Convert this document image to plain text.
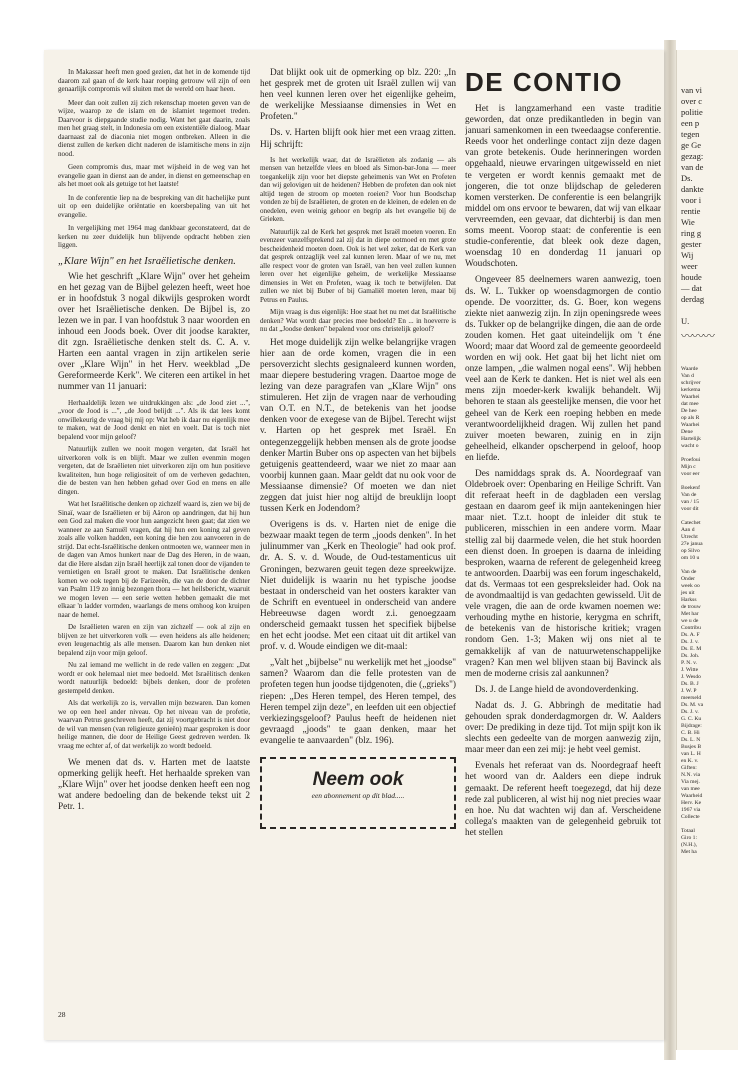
In Makassar heeft men goed gezien, dat het in de komende tijd daarom zal gaan of de kerk haar roeping getrouw wil zijn of een genaarlijk compromis wil sluiten met de wereld om haar heen.

Meer dan ooit zullen zij zich rekenschap moeten geven van de wijze, waarop ze de islam en de islamiet tegemoet treden. Daarvoor is diepgaande studie nodig. Want het gaat daarin, zoals men het graag stelt, in Indonesia om een existentiële dialoog. Maar daarnaast zal de diaconia niet mogen ontbreken. Alleen in die dienst zullen de kerken dicht naderen de islamitische mens in zijn nood.

Geen compromis dus, maar met wijsheid in de weg van het evangelie gaan in dienst aan de ander, in dienst en gemeenschap en als het moet ook als getuige tot het laatste!

In de conferentie liep na de bespreking van dit hachelijke punt uit op een duidelijke oriëntatie en koersbepaling van uit het evangelie.

In vergelijking met 1964 mag dankbaar geconstateerd, dat de kerken nu zeer duidelijk hun blijvende opdracht hebben zien liggen.

„Klare Wijn" en het Israëlietische denken.

Wie het geschrift „Klare Wijn" over het geheim en het gezag van de Bijbel gelezen heeft, weet hoe er in hoofdstuk 3 nogal dikwijls gesproken wordt over het Israëlietische denken. De Bijbel is, zo lezen we in par. I van hoofdstuk 3 naar woorden en inhoud een Joods boek. Over dit joodse karakter, dit zgn. Israëlietische denken stelt ds. C. A. v. Harten een aantal vragen in zijn artikelen serie over „Klare Wijn" in het Herv. weekblad „De Gereformeerde Kerk". We citeren een artikel in het nummer van 11 januari:

Herhaaldelijk lezen we uitdrukkingen als: „de Jood ziet ...", „voor de Jood is ...", „de Jood belijdt ...". Als ik dat lees komt onwillekeurig de vraag bij mij op: Wat heb ik daar nu eigenlijk mee te maken, wat de Jood denkt en niet en voelt. Dat is toch niet bepalend voor mijn geloof?

Natuurlijk zullen we nooit mogen vergeten, dat Israël het uitverkoren volk is en blijft. Maar we zullen evenmin mogen vergeten, dat de Israëlieten niet uitverkoren zijn om hun positieve kwaliteiten, hun hoge religiositeit of om de verheven gedachten, die de besten van hen hebben gehad over God en mens en alle dingen.

Wat het Israëlitische denken op zichzelf waard is, zien we bij de Sinaï, waar de Israëlieten er bij Aäron op aandringen, dat hij hun een God zal maken die voor hun aangezicht heen gaat; dat zien we wanneer ze aan Samuël vragen, dat hij hun een koning zal geven zoals alle volken hadden, een koning die hen zou aanvoeren in de strijd. Dat echt-Israëlitische denken ontmoeten we, wanneer men in de dagen van Amos hunkert naar de Dag des Heren, in de waan, dat die Here alsdan zijn Israël heerlijk zal tonen door de vijanden te vernietigen en Israël groot te maken. Dat Israëlitische denken komen we ook tegen bij de Farizeeën, die van de door de dichter van Psalm 119 zo innig bezongen thora — het heilsbericht, waaruit we mogen leven — een serie wetten hebben gemaakt die met elkaar 'n ladder vormden, waarlangs de mens omhoog kon kruipen naar de hemel.

De Israëlieten waren en zijn van zichzelf — ook al zijn en blijven ze het uitverkoren volk — even heidens als alle heidenen; even leugenachtig als alle mensen. Daarom kan hun denken niet bepalend zijn voor mijn geloof.

Nu zal iemand me wellicht in de rede vallen en zeggen: „Dat wordt er ook helemaal niet mee bedoeld. Met Israëlitisch denken wordt natuurlijk bedoeld: bijbels denken, door de profeten gestempeld denken.

Als dat werkelijk zo is, vervallen mijn bezwaren. Dan komen we op een heel ander niveau. Op het niveau van de profetie, waarvan Petrus geschreven heeft, dat zij voortgebracht is niet door de wil van mensen (van religieuze genieën) maar gesproken is door heilige mannen, die door de Heilige Geest gedreven werden. Ik vraag me echter af, of dat werkelijk zo wordt bedoeld.

We menen dat ds. v. Harten met de laatste opmerking gelijk heeft. Het herhaalde spreken van „Klare Wijn" over het joodse denken heeft een nog wat andere bedoeling dan de bekende tekst uit 2 Petr. 1.

Dat blijkt ook uit de opmerking op blz. 220: „In het gesprek met de groten uit Israël zullen wij van hen veel kunnen leren over het eigenlijke geheim, de werkelijke Messiaanse dimensies in Wet en Profeten."

Ds. v. Harten blijft ook hier met een vraag zitten. Hij schrijft:

Is het werkelijk waar, dat de Israëlieten als zodanig — als mensen van hetzelfde vlees en bloed als Simon-bar-Jona — meer toegankelijk zijn voor het diepste geheimenis van Wet en Profeten dan wij gelovigen uit de heidenen? Hebben de profeten dan ook niet altijd tegen de stroom op moeten roeien? Voor hun Boodschap vonden ze bij de Israëlieten, de groten en de kleinen, de edelen en de onedelen, even weinig gehoor en begrip als het evangelie bij de Grieken.

Natuurlijk zal de Kerk het gesprek met Israël moeten voeren. En evenzeer vanzelfsprekend zal zij dat in diepe ootmoed en met grote bescheidenheid moeten doen. Ook is het wel zeker, dat de Kerk van dat gesprek ontzaglijk veel zal kunnen leren. Maar of we nu, met alle respect voor de groten van Israël, van hen veel zullen kunnen leren over het eigenlijke geheim, de werkelijke Messiaanse dimensies in Wet en Profeten, waag ik toch te betwijfelen. Dat zullen we niet bij Buber of bij Gamaliël moeten leren, maar bij Petrus en Paulus.

Mijn vraag is dus eigenlijk: Hoe staat het nu met dat Israëlitische denken? Wat wordt daar precies mee bedoeld? En ... in hoeverre is nu dat „Joodse denken" bepalend voor ons christelijk geloof?

Het moge duidelijk zijn welke belangrijke vragen hier aan de orde komen, vragen die in een persoverzicht slechts gesignaleerd kunnen worden, maar diepere bestudering vragen. Daartoe moge de lezing van deze paragrafen van „Klare Wijn" ons stimuleren. Het zijn de vragen naar de verhouding van O.T. en N.T., de betekenis van het joodse denken voor de exegese van de Bijbel. Terecht wijst v. Harten op het gesprek met Israël. En ontegenzeggelijk hebben mensen als de grote joodse denker Martin Buber ons op aspecten van het bijbels getuigenis geattendeerd, waar we niet zo maar aan voorbij kunnen gaan. Maar geldt dat nu ook voor de Messiaanse dimensie? Of moeten we dan niet zeggen dat juist hier nog altijd de breuklijn loopt tussen Kerk en Jodendom?

Overigens is ds. v. Harten niet de enige die bezwaar maakt tegen de term „joods denken". In het julinummer van „Kerk en Theologie" had ook prof. dr. A. S. v. d. Woude, de Oud-testamenticus uit Groningen, bezwaren geuit tegen deze spreekwijze. Niet duidelijk is waarin nu het typische joodse bestaat in onderscheid van het oosters karakter van de Schrift en eventueel in onderscheid van andere Hebreeuwse dagen wordt z.i. genoegzaam onderscheid gemaakt tussen het specifiek bijbelse en het echt joodse. Met een citaat uit dit artikel van prof. v. d. Woude eindigen we dit-maal:

„Valt het „bijbelse" nu werkelijk met het „joodse" samen? Waarom dan die felle protesten van de profeten tegen hun joodse tijdgenoten, die („grieks") riepen: „Des Heren tempel, des Heren tempel, des Heren tempel zijn deze", en leefden uit een objectief verkiezingsgeloof? Paulus heeft de heidenen niet gevraagd „joods" te gaan denken, maar het evangelie te aanvaarden" (blz. 196).

Neem ook
een abonnement op dit blad.....
DE CONTIO

Het is langzamerhand een vaste traditie geworden, dat onze predikantleden in begin van januari samenkomen in een tweedaagse conferentie. Reeds voor het onderlinge contact zijn deze dagen van grote betekenis. Oude herinneringen worden opgehaald, nieuwe ervaringen uitgewisseld en niet te vergeten er wordt kennis gemaakt met de jongeren, die tot onze blijdschap de gelederen komen versterken. De conferentie is een belangrijk middel om ons ervoor te bewaren, dat wij van elkaar vervreemden, een gevaar, dat dichterbij is dan men soms meent. Voorop staat: de conferentie is een studie-conferentie, dat bleek ook deze dagen, woensdag 10 en donderdag 11 januari op Woudschoten.

Ongeveer 85 deelnemers waren aanwezig, toen ds. W. L. Tukker op woensdagmorgen de contio opende. De voorzitter, ds. G. Boer, kon wegens ziekte niet aanwezig zijn. In zijn openingsrede wees ds. Tukker op de belangrijke dingen, die aan de orde zouden komen. Het gaat uiteindelijk om 't éne Woord; maar dat Woord zal de gemeente geoordeeld worden en wij ook. Het gaat bij het licht niet om onze lampen, „die walmen nogal eens". Wij hebben veel aan de Kerk te danken. Het is niet wel als een mens zijn moeder-kerk kwalijk behandelt. Wij behoren te staan als geestelijke mensen, die voor het geheel van de Kerk een roeping hebben en mede verantwoordelijkheid dragen. Wij zullen het pand zuiver moeten bewaren, zuinig en in zijn geheelheid, elkander opscherpend in geloof, hoop en liefde.

Des namiddags sprak ds. A. Noordegraaf van Oldebroek over: Openbaring en Heilige Schrift. Van dit referaat heeft in de dagbladen een verslag gestaan en daarom geef ik mijn aantekeningen hier maar niet. T.z.t. hoopt de inleider dit stuk te publiceren, misschien in een andere vorm. Maar stellig zal bij daarmede velen, die het stuk hoorden een dienst doen. In groepen is daarna de inleiding besproken, waarna de referent de gelegenheid kreeg te antwoorden. Daarbij was een forum ingeschakeld, dat ds. Vermaas tot een gespreksleider had. Ook na de avondmaaltijd is van gedachten gewisseld. Uit de vele vragen, die aan de orde kwamen noemen we: verhouding mythe en historie, kerygma en schrift, de betekenis van de historische kritiek; vragen rondom Gen. 1-3; Maken wij ons niet al te gemakkelijk af van de natuurwetenschappelijke vragen? Kan men wel blijven staan bij Bavinck als men de moderne crisis zal aankunnen?

Ds. J. de Lange hield de avondoverdenking.

Nadat ds. J. G. Abbringh de meditatie had gehouden sprak donderdagmorgen dr. W. Aalders over: De prediking in deze tijd. Tot mijn spijt kon ik slechts een gedeelte van de morgen aanwezig zijn, maar meer dan een zei mij: je hebt veel gemist.

Evenals het referaat van ds. Noordegraaf heeft het woord van dr. Aalders een diepe indruk gemaakt. De referent heeft toegezegd, dat hij deze rede zal publiceren, al wist hij nog niet precies waar en hoe. Nu dat wachten wij dan af. Verscheidene collega's maakten van de gelegenheid gebruik tot het stellen

28
van vi
over c
politie
een p
tegen
ge Ge
gezag:
van de
Ds.
dankte
voor i
rentie
Wie
ring g
gester
Wij
weer
houde
— dat
derdag

U.
〰〰〰
Waarde
Van d
schrijver
kerkema
Waarhei
dat mee
De hee
op als R
Waarhei
Dene
Hartelijk
wacht o

Proefoui
Mijn c
voor eer

Boekenf
Van de
van / 15
voor dit

Catechet
Aan d
Utrecht
27e janua
op Silvo
om 10 u

Van de
Onder
week oo
jes uit
Harkss
de trouw
Met har
we u de
Contribu
Ds. A. F
Ds. J. v.
Ds. E. M
Ds. Joh.
P. N. v.
J. Witte
J. Wesdo
Ds. B. J
J. W. P
meerseld
Ds. M. va
Ds. J. v.
G. C. Ku
Bijdrage:
C. B. Hi
Ds. L. N
Busjes B
van L. H
en K. v.
Giften:
N.N. via
Via mej.
van mee
Waarheid
Herv. Ke
1967 via
Collecte

Totaal
Giro 1:
(N.H.),
Met ha
